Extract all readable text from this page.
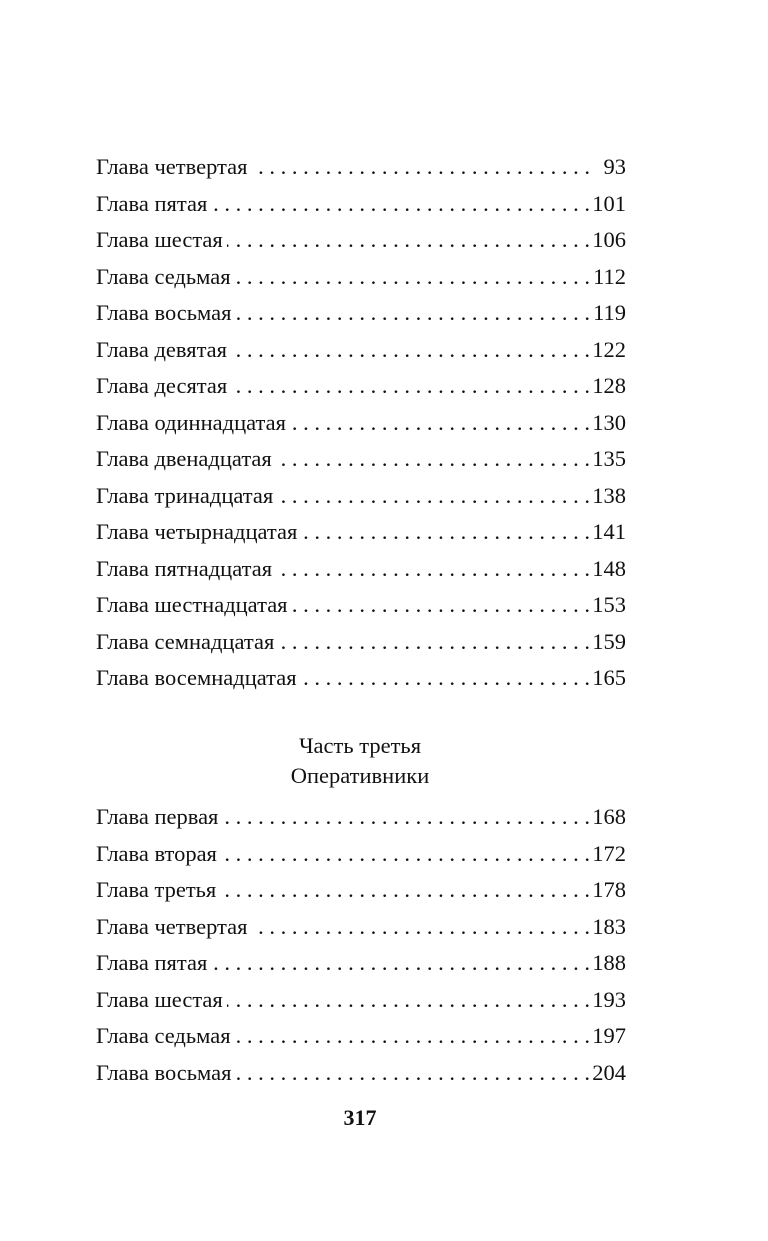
Глава четвертая . . .	93
Глава пятая . . .	101
Глава шестая . . .	106
Глава седьмая . . .	112
Глава восьмая . . .	119
Глава девятая . . .	122
Глава десятая . . .	128
Глава одиннадцатая . . .	130
Глава двенадцатая . . .	135
Глава тринадцатая . . .	138
Глава четырнадцатая . . .	141
Глава пятнадцатая . . .	148
Глава шестнадцатая . . .	153
Глава семнадцатая . . .	159
Глава восемнадцатая . . .	165
Часть третья
Оперативники
Глава первая . . .	168
Глава вторая . . .	172
Глава третья . . .	178
Глава четвертая . . .	183
Глава пятая . . .	188
Глава шестая . . .	193
Глава седьмая . . .	197
Глава восьмая . . .	204
317
